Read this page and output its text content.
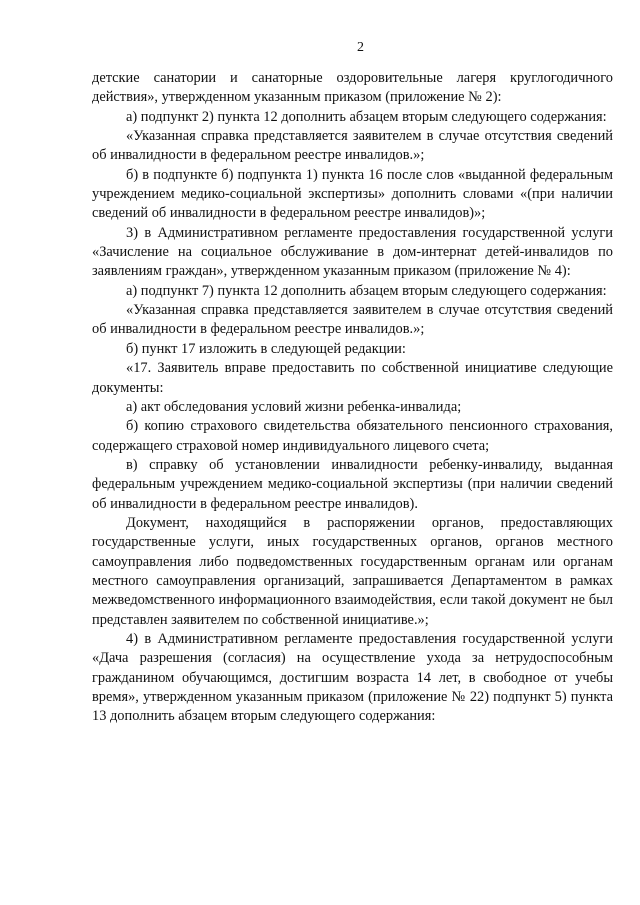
2

детские санатории и санаторные оздоровительные лагеря круглогодичного действия», утвержденном указанным приказом (приложение № 2):

а) подпункт 2) пункта 12 дополнить абзацем вторым следующего содержания:

«Указанная справка представляется заявителем в случае отсутствия сведений об инвалидности в федеральном реестре инвалидов.»;

б) в подпункте б) подпункта 1) пункта 16 после слов «выданной федеральным учреждением медико-социальной экспертизы» дополнить словами «(при наличии сведений об инвалидности в федеральном реестре инвалидов)»;

3) в Административном регламенте предоставления государственной услуги «Зачисление на социальное обслуживание в дом-интернат детей-инвалидов по заявлениям граждан», утвержденном указанным приказом (приложение № 4):

а) подпункт 7) пункта 12 дополнить абзацем вторым следующего содержания:

«Указанная справка представляется заявителем в случае отсутствия сведений об инвалидности в федеральном реестре инвалидов.»;

б) пункт 17 изложить в следующей редакции:

«17. Заявитель вправе предоставить по собственной инициативе следующие документы:

а) акт обследования условий жизни ребенка-инвалида;

б) копию страхового свидетельства обязательного пенсионного страхования, содержащего страховой номер индивидуального лицевого счета;

в) справку об установлении инвалидности ребенку-инвалиду, выданная федеральным учреждением медико-социальной экспертизы (при наличии сведений об инвалидности в федеральном реестре инвалидов).

Документ, находящийся в распоряжении органов, предоставляющих государственные услуги, иных государственных органов, органов местного самоуправления либо подведомственных государственным органам или органам местного самоуправления организаций, запрашивается Департаментом в рамках межведомственного информационного взаимодействия, если такой документ не был представлен заявителем по собственной инициативе.»;

4) в Административном регламенте предоставления государственной услуги «Дача разрешения (согласия) на осуществление ухода за нетрудоспособным гражданином обучающимся, достигшим возраста 14 лет, в свободное от учебы время», утвержденном указанным приказом (приложение № 22) подпункт 5) пункта 13 дополнить абзацем вторым следующего содержания:
